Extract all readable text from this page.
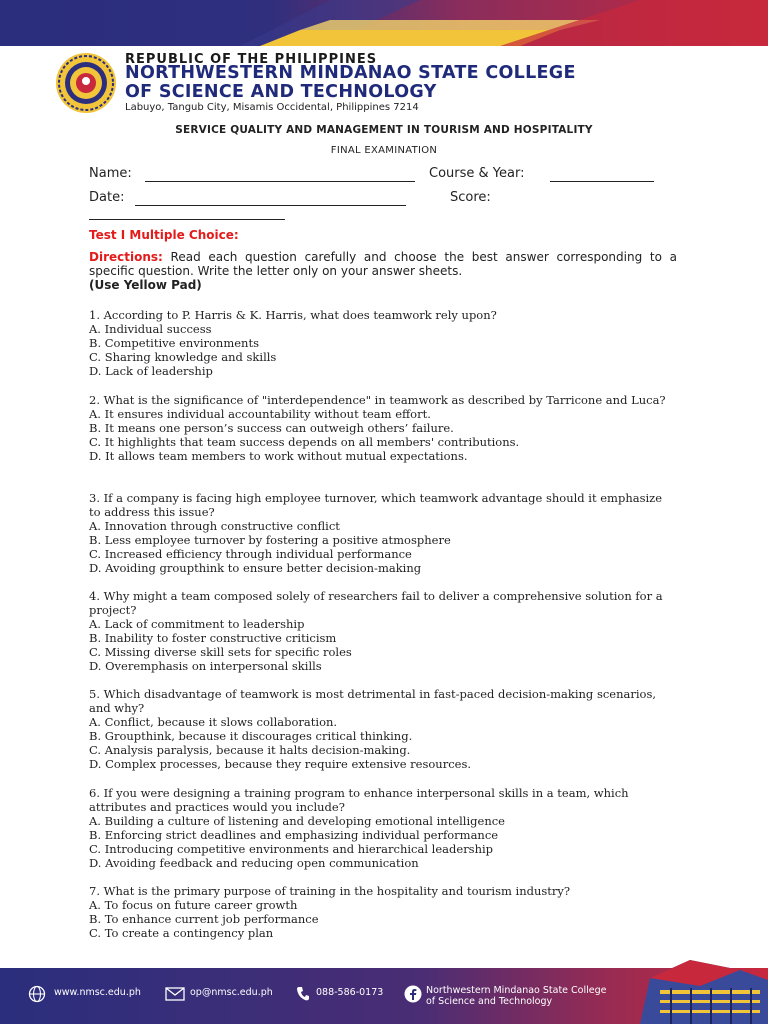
REPUBLIC OF THE PHILIPPINES
NORTHWESTERN MINDANAO STATE COLLEGE
OF SCIENCE AND TECHNOLOGY
Labuyo, Tangub City, Misamis Occidental, Philippines 7214
SERVICE QUALITY AND MANAGEMENT IN TOURISM AND HOSPITALITY
FINAL EXAMINATION
Name:	Course & Year:
Date:	Score:
Test I Multiple Choice:
Directions: Read each question carefully and choose the best answer corresponding to a specific question. Write the letter only on your answer sheets.
(Use Yellow Pad)
1. According to P. Harris & K. Harris, what does teamwork rely upon?
A. Individual success
B. Competitive environments
C. Sharing knowledge and skills
D. Lack of leadership
2. What is the significance of "interdependence" in teamwork as described by Tarricone and Luca?
A. It ensures individual accountability without team effort.
B. It means one person’s success can outweigh others’ failure.
C. It highlights that team success depends on all members' contributions.
D. It allows team members to work without mutual expectations.
3. If a company is facing high employee turnover, which teamwork advantage should it emphasize to address this issue?
A. Innovation through constructive conflict
B. Less employee turnover by fostering a positive atmosphere
C. Increased efficiency through individual performance
D. Avoiding groupthink to ensure better decision-making
4. Why might a team composed solely of researchers fail to deliver a comprehensive solution for a project?
A. Lack of commitment to leadership
B. Inability to foster constructive criticism
C. Missing diverse skill sets for specific roles
D. Overemphasis on interpersonal skills
5. Which disadvantage of teamwork is most detrimental in fast-paced decision-making scenarios, and why?
A. Conflict, because it slows collaboration.
B. Groupthink, because it discourages critical thinking.
C. Analysis paralysis, because it halts decision-making.
D. Complex processes, because they require extensive resources.
6. If you were designing a training program to enhance interpersonal skills in a team, which attributes and practices would you include?
A. Building a culture of listening and developing emotional intelligence
B. Enforcing strict deadlines and emphasizing individual performance
C. Introducing competitive environments and hierarchical leadership
D. Avoiding feedback and reducing open communication
7. What is the primary purpose of training in the hospitality and tourism industry?
A. To focus on future career growth
B. To enhance current job performance
C. To create a contingency plan
www.nmsc.edu.ph	op@nmsc.edu.ph	088-586-0173	Northwestern Mindanao State College
of Science and Technology
